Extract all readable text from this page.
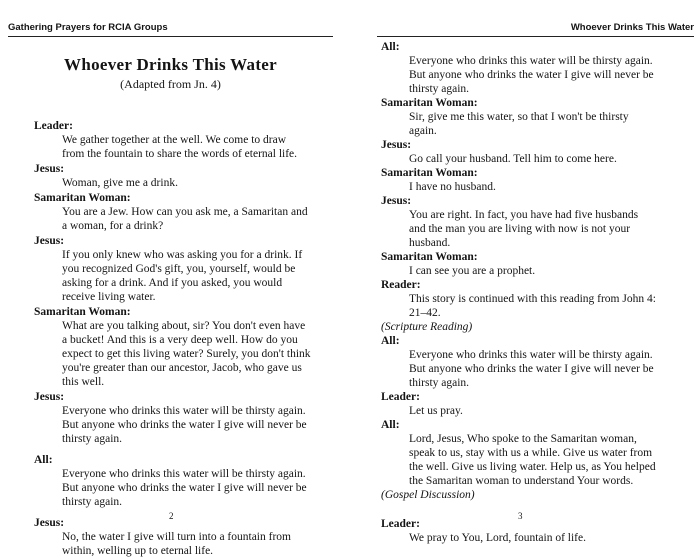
Gathering Prayers for RCIA Groups
Whoever Drinks This Water
(Adapted from Jn. 4)

Leader:

We gather together at the well. We come to draw

from the fountain to share the words of eternal life.

Jesus:

Woman, give me a drink.

Samaritan Woman:

You are a Jew. How can you ask me, a Samaritan and

a woman, for a drink?

Jesus:

If you only knew who was asking you for a drink. If

you recognized God's gift, you, yourself, would be

asking for a drink. And if you asked, you would

receive living water.

Samaritan Woman:

What are you talking about, sir? You don't even have

a bucket! And this is a very deep well. How do you

expect to get this living water? Surely, you don't think

you're greater than our ancestor, Jacob, who gave us

this well.

Jesus:

Everyone who drinks this water will be thirsty again.

But anyone who drinks the water I give will never be

thirsty again.

All:

Everyone who drinks this water will be thirsty again.

But anyone who drinks the water I give will never be

thirsty again.

Jesus:

No, the water I give will turn into a fountain from

within, welling up to eternal life.

2
Whoever Drinks This Water

All:

Everyone who drinks this water will be thirsty again.

But anyone who drinks the water I give will never be

thirsty again.

Samaritan Woman:

Sir, give me this water, so that I won't be thirsty

again.

Jesus:

Go call your husband. Tell him to come here.

Samaritan Woman:

I have no husband.

Jesus:

You are right. In fact, you have had five husbands

and the man you are living with now is not your

husband.

Samaritan Woman:

I can see you are a prophet.

Reader:

This story is continued with this reading from John 4:

21–42.

(Scripture Reading)

All:

Everyone who drinks this water will be thirsty again.

But anyone who drinks the water I give will never be

thirsty again.

Leader:

Let us pray.

All:

Lord, Jesus, Who spoke to the Samaritan woman,

speak to us, stay with us a while. Give us water from

the well. Give us living water. Help us, as You helped

the Samaritan woman to understand Your words.

(Gospel Discussion)

Leader:

We pray to You, Lord, fountain of life.

3
